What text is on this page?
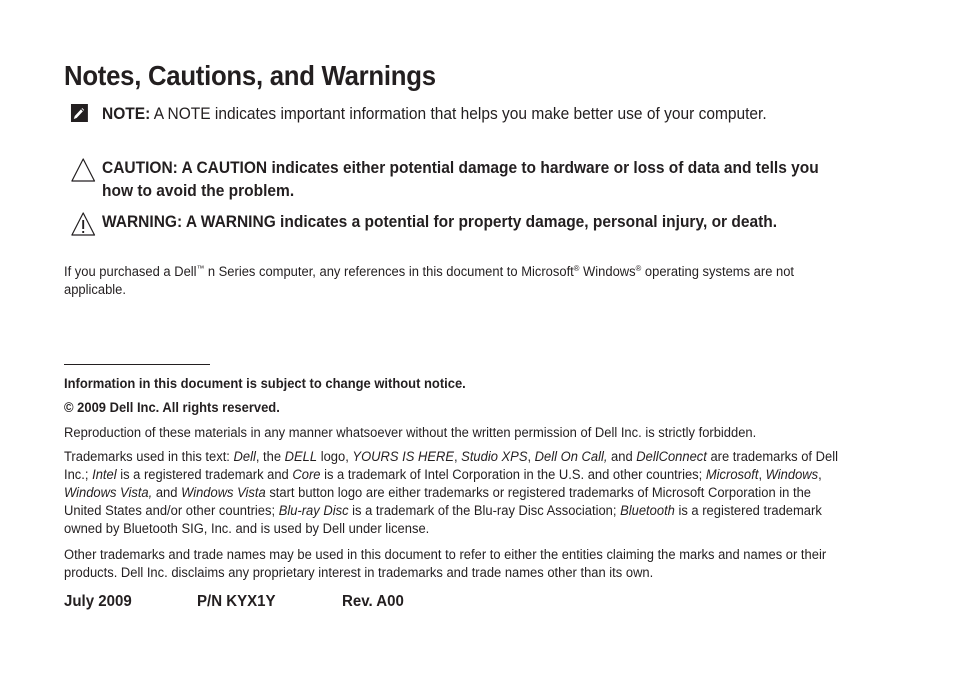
Notes, Cautions, and Warnings
NOTE: A NOTE indicates important information that helps you make better use of your computer.
CAUTION: A CAUTION indicates either potential damage to hardware or loss of data and tells you how to avoid the problem.
WARNING: A WARNING indicates a potential for property damage, personal injury, or death.
If you purchased a Dell™ n Series computer, any references in this document to Microsoft® Windows® operating systems are not applicable.
Information in this document is subject to change without notice.
© 2009 Dell Inc. All rights reserved.
Reproduction of these materials in any manner whatsoever without the written permission of Dell Inc. is strictly forbidden.
Trademarks used in this text: Dell, the DELL logo, YOURS IS HERE, Studio XPS, Dell On Call, and DellConnect are trademarks of Dell Inc.; Intel is a registered trademark and Core is a trademark of Intel Corporation in the U.S. and other countries; Microsoft, Windows, Windows Vista, and Windows Vista start button logo are either trademarks or registered trademarks of Microsoft Corporation in the United States and/or other countries; Blu-ray Disc is a trademark of the Blu-ray Disc Association; Bluetooth is a registered trademark owned by Bluetooth SIG, Inc. and is used by Dell under license.
Other trademarks and trade names may be used in this document to refer to either the entities claiming the marks and names or their products. Dell Inc. disclaims any proprietary interest in trademarks and trade names other than its own.
July 2009	P/N KYX1Y	Rev. A00
